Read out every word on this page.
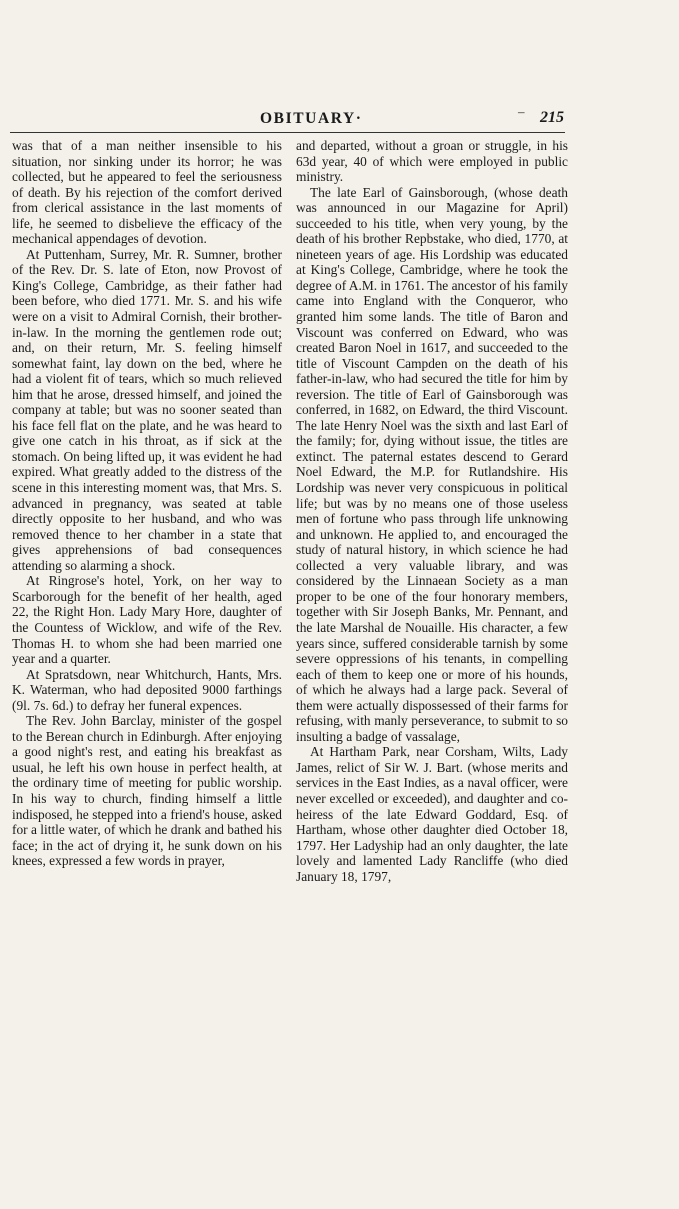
OBITUARY·	‒ 215

was that of a man neither insensible to his situation, nor sinking under its horror; he was collected, but he appeared to feel the seriousness of death. By his rejection of the comfort derived from clerical assistance in the last moments of life, he seemed to disbelieve the efficacy of the mechanical appendages of devotion.

At Puttenham, Surrey, Mr. R. Sumner, brother of the Rev. Dr. S. late of Eton, now Provost of King's College, Cambridge, as their father had been before, who died 1771. Mr. S. and his wife were on a visit to Admiral Cornish, their brother-in-law. In the morning the gentlemen rode out; and, on their return, Mr. S. feeling himself somewhat faint, lay down on the bed, where he had a violent fit of tears, which so much relieved him that he arose, dressed himself, and joined the company at table; but was no sooner seated than his face fell flat on the plate, and he was heard to give one catch in his throat, as if sick at the stomach. On being lifted up, it was evident he had expired. What greatly added to the distress of the scene in this interesting moment was, that Mrs. S. advanced in pregnancy, was seated at table directly opposite to her husband, and who was removed thence to her chamber in a state that gives apprehensions of bad consequences attending so alarming a shock.

At Ringrose's hotel, York, on her way to Scarborough for the benefit of her health, aged 22, the Right Hon. Lady Mary Hore, daughter of the Countess of Wicklow, and wife of the Rev. Thomas H. to whom she had been married one year and a quarter.

At Spratsdown, near Whitchurch, Hants, Mrs. K. Waterman, who had deposited 9000 farthings (9l. 7s. 6d.) to defray her funeral expences.

The Rev. John Barclay, minister of the gospel to the Berean church in Edinburgh. After enjoying a good night's rest, and eating his breakfast as usual, he left his own house in perfect health, at the ordinary time of meeting for public worship. In his way to church, finding himself a little indisposed, he stepped into a friend's house, asked for a little water, of which he drank and bathed his face; in the act of drying it, he sunk down on his knees, expressed a few words in prayer,

and departed, without a groan or struggle, in his 63d year, 40 of which were employed in public ministry.

The late Earl of Gainsborough, (whose death was announced in our Magazine for April) succeeded to his title, when very young, by the death of his brother Repbstake, who died, 1770, at nineteen years of age. His Lordship was educated at King's College, Cambridge, where he took the degree of A.M. in 1761. The ancestor of his family came into England with the Conqueror, who granted him some lands. The title of Baron and Viscount was conferred on Edward, who was created Baron Noel in 1617, and succeeded to the title of Viscount Campden on the death of his father-in-law, who had secured the title for him by reversion. The title of Earl of Gainsborough was conferred, in 1682, on Edward, the third Viscount. The late Henry Noel was the sixth and last Earl of the family; for, dying without issue, the titles are extinct. The paternal estates descend to Gerard Noel Edward, the M.P. for Rutlandshire. His Lordship was never very conspicuous in political life; but was by no means one of those useless men of fortune who pass through life unknowing and unknown. He applied to, and encouraged the study of natural history, in which science he had collected a very valuable library, and was considered by the Linnaean Society as a man proper to be one of the four honorary members, together with Sir Joseph Banks, Mr. Pennant, and the late Marshal de Nouaille. His character, a few years since, suffered considerable tarnish by some severe oppressions of his tenants, in compelling each of them to keep one or more of his hounds, of which he always had a large pack. Several of them were actually dispossessed of their farms for refusing, with manly perseverance, to submit to so insulting a badge of vassalage,

At Hartham Park, near Corsham, Wilts, Lady James, relict of Sir W. J. Bart. (whose merits and services in the East Indies, as a naval officer, were never excelled or exceeded), and daughter and co-heiress of the late Edward Goddard, Esq. of Hartham, whose other daughter died October 18, 1797. Her Ladyship had an only daughter, the late lovely and lamented Lady Rancliffe (who died January 18, 1797,
